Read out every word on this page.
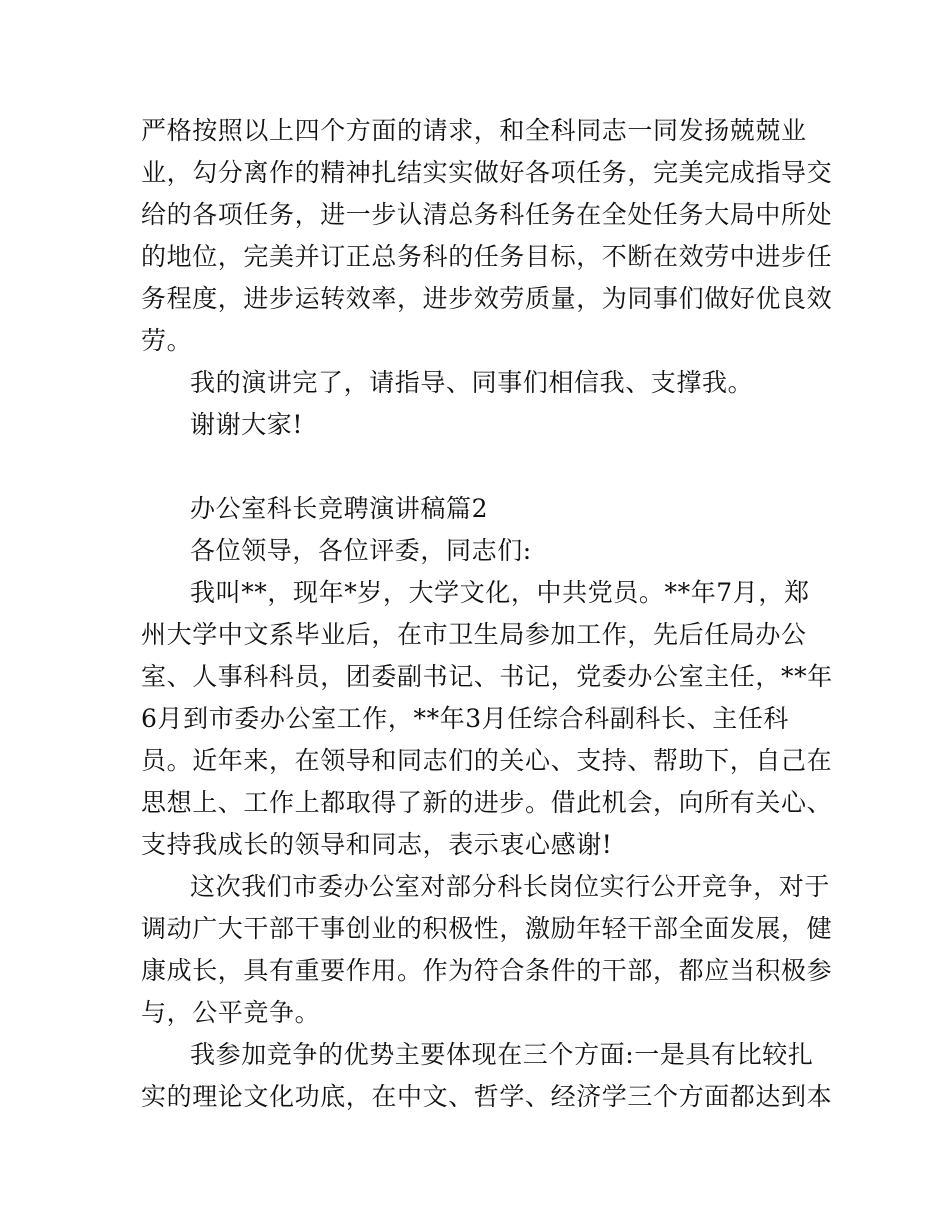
严格按照以上四个方面的请求，和全科同志一同发扬兢兢业
业，勾分离作的精神扎结实实做好各项任务，完美完成指导交
给的各项任务，进一步认清总务科任务在全处任务大局中所处
的地位，完美并订正总务科的任务目标，不断在效劳中进步任
务程度，进步运转效率，进步效劳质量，为同事们做好优良效
劳。
我的演讲完了，请指导、同事们相信我、支撑我。
谢谢大家!
办公室科长竞聘演讲稿篇2
各位领导，各位评委，同志们:
我叫**，现年*岁，大学文化，中共党员。**年7月，郑
州大学中文系毕业后，在市卫生局参加工作，先后任局办公
室、人事科科员，团委副书记、书记，党委办公室主任，**年
6月到市委办公室工作，**年3月任综合科副科长、主任科
员。近年来，在领导和同志们的关心、支持、帮助下，自己在
思想上、工作上都取得了新的进步。借此机会，向所有关心、
支持我成长的领导和同志，表示衷心感谢!
这次我们市委办公室对部分科长岗位实行公开竞争，对于
调动广大干部干事创业的积极性，激励年轻干部全面发展，健
康成长，具有重要作用。作为符合条件的干部，都应当积极参
与，公平竞争。
我参加竞争的优势主要体现在三个方面:一是具有比较扎
实的理论文化功底，在中文、哲学、经济学三个方面都达到本
